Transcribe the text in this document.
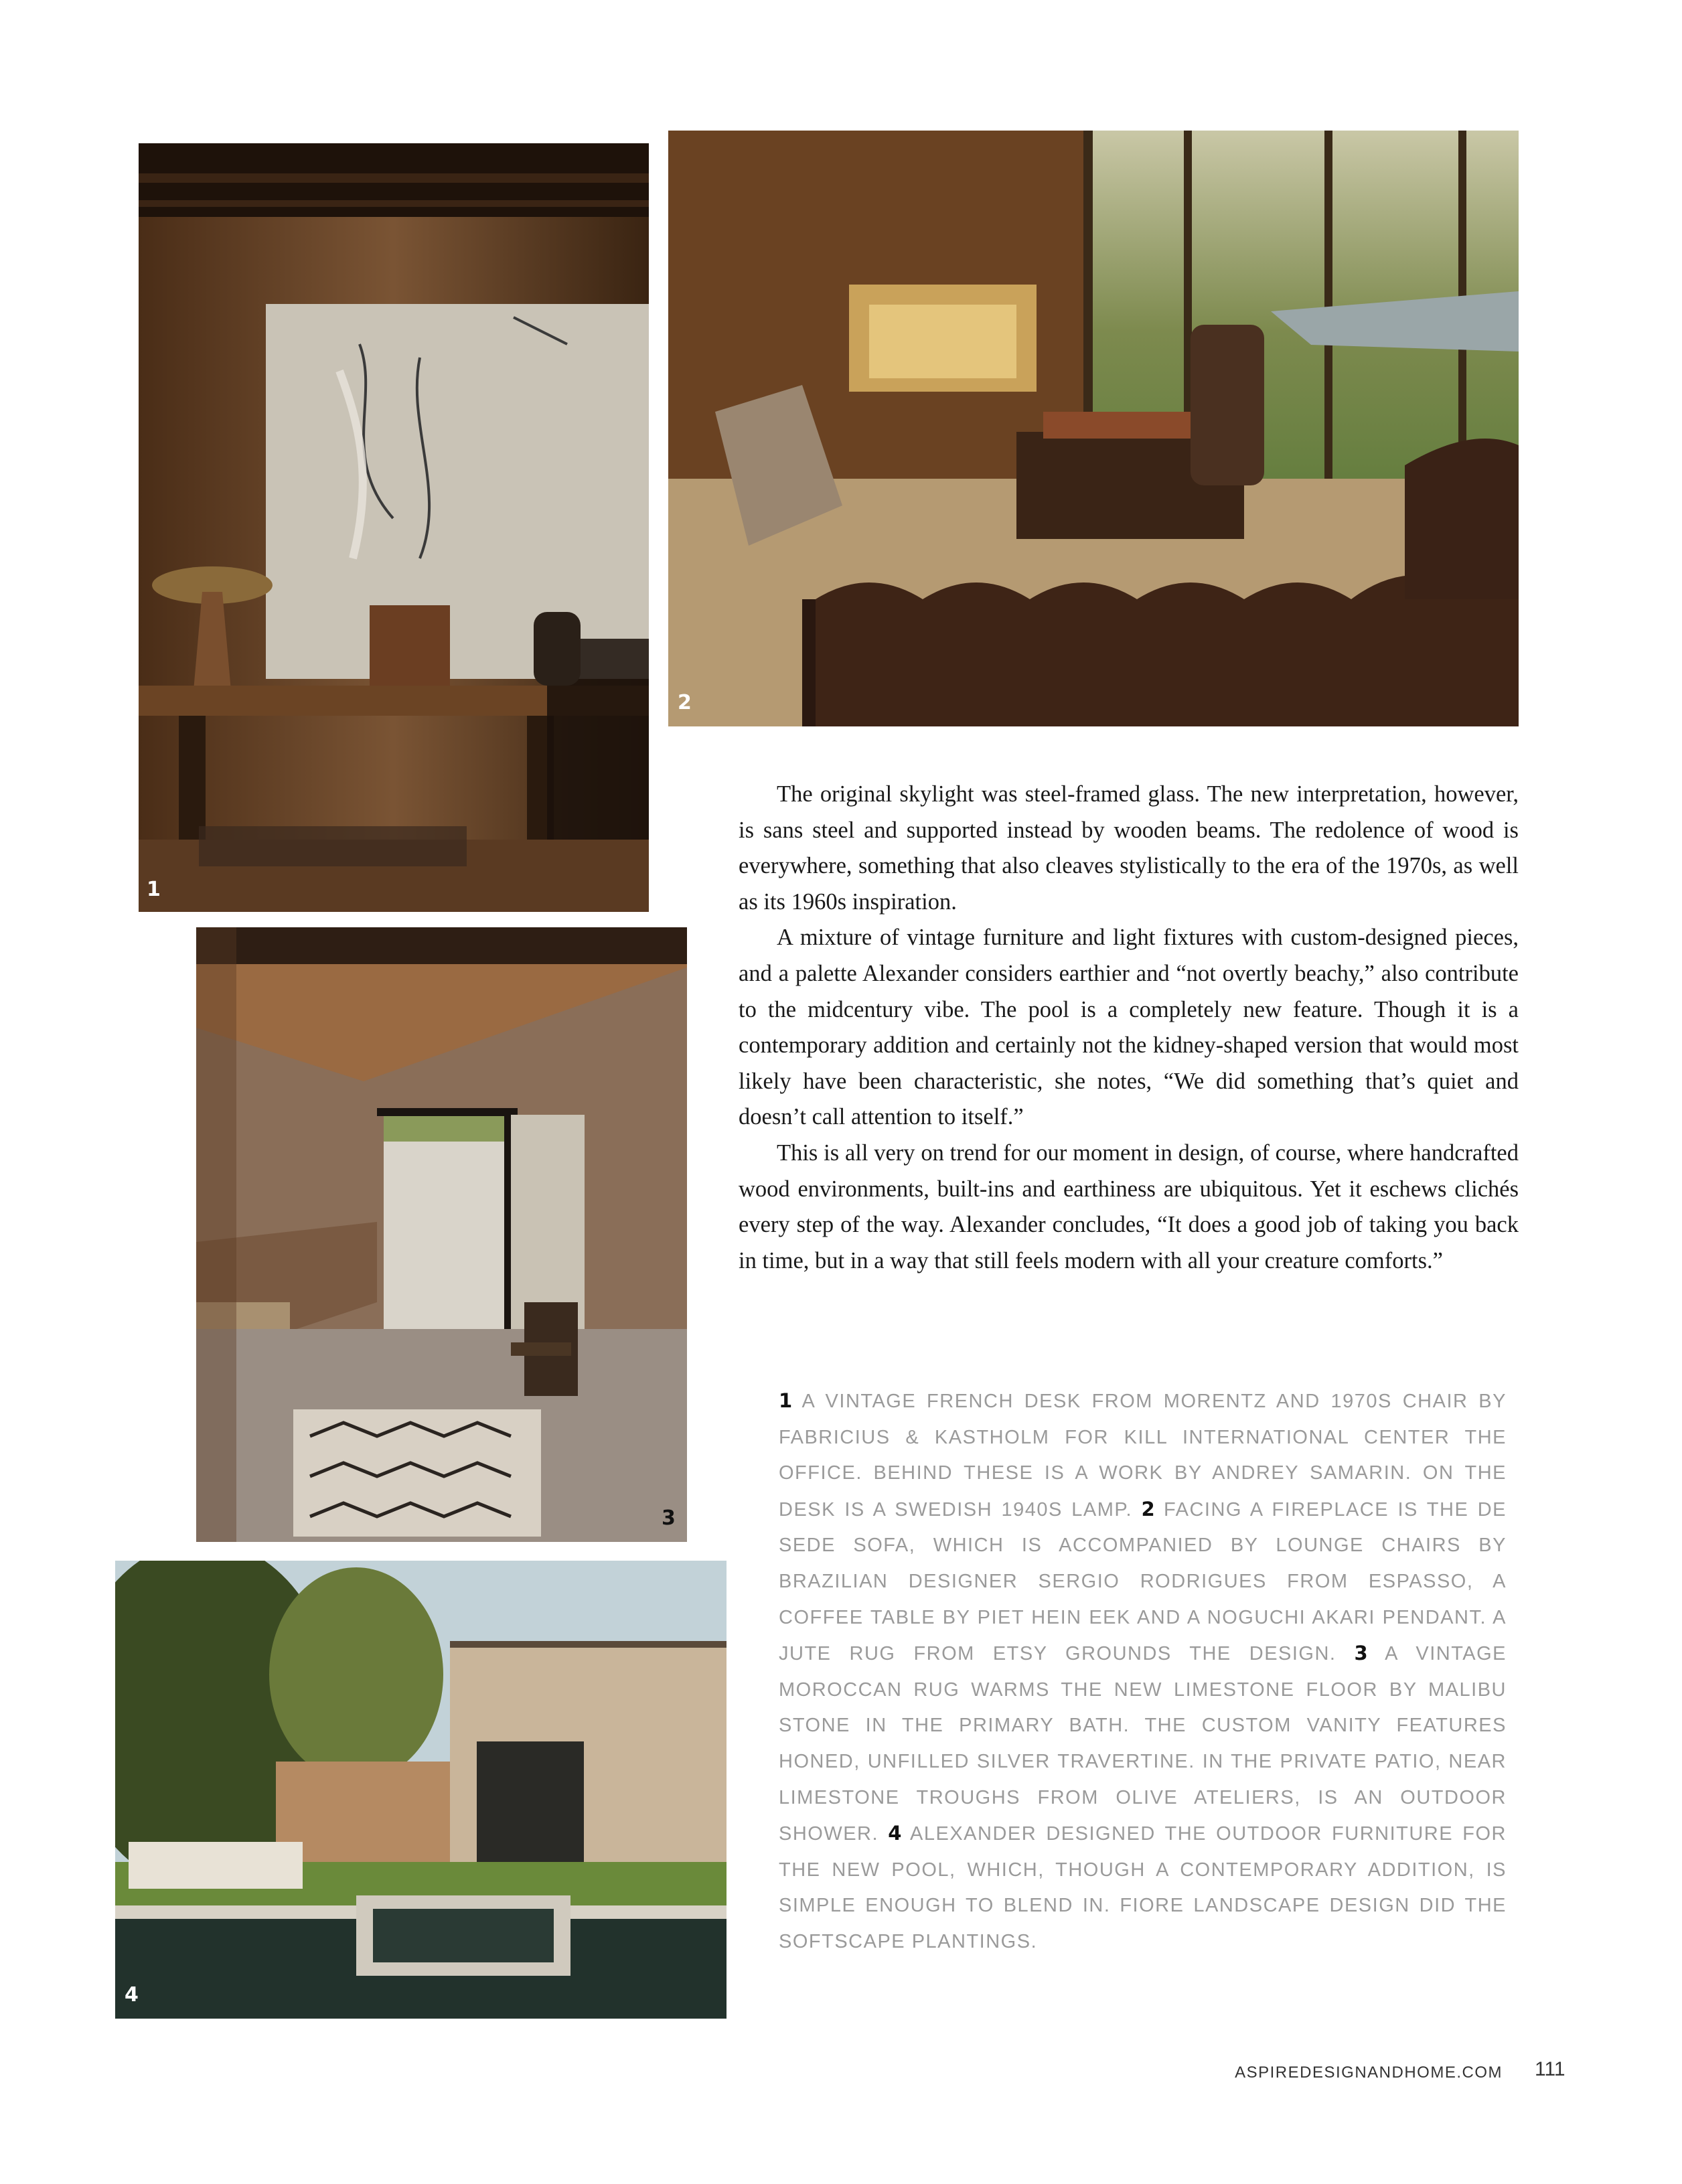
1
2
3
4

The original skylight was steel-framed glass. The new interpretation, however, is sans steel and supported instead by wooden beams. The redolence of wood is everywhere, something that also cleaves stylistically to the era of the 1970s, as well as its 1960s inspiration.

A mixture of vintage furniture and light fixtures with custom-designed pieces, and a palette Alexander considers earthier and “not overtly beachy,” also contribute to the midcentury vibe. The pool is a completely new feature. Though it is a contemporary addition and certainly not the kidney-shaped version that would most likely have been characteristic, she notes, “We did something that’s quiet and doesn’t call attention to itself.”

This is all very on trend for our moment in design, of course, where handcrafted wood environments, built-ins and earthiness are ubiquitous. Yet it eschews clichés every step of the way. Alexander concludes, “It does a good job of taking you back in time, but in a way that still feels modern with all your creature comforts.”

1 A VINTAGE FRENCH DESK FROM MORENTZ AND 1970S CHAIR BY FABRICIUS & KASTHOLM FOR KILL INTERNATIONAL CENTER THE OFFICE. BEHIND THESE IS A WORK BY ANDREY SAMARIN. ON THE DESK IS A SWEDISH 1940S LAMP. 2 FACING A FIREPLACE IS THE DE SEDE SOFA, WHICH IS ACCOMPANIED BY LOUNGE CHAIRS BY BRAZILIAN DESIGNER SERGIO RODRIGUES FROM ESPASSO, A COFFEE TABLE BY PIET HEIN EEK AND A NOGUCHI AKARI PENDANT. A JUTE RUG FROM ETSY GROUNDS THE DESIGN. 3 A VINTAGE MOROCCAN RUG WARMS THE NEW LIMESTONE FLOOR BY MALIBU STONE IN THE PRIMARY BATH. THE CUSTOM VANITY FEATURES HONED, UNFILLED SILVER TRAVERTINE. IN THE PRIVATE PATIO, NEAR LIMESTONE TROUGHS FROM OLIVE ATELIERS, IS AN OUTDOOR SHOWER. 4 ALEXANDER DESIGNED THE OUTDOOR FURNITURE FOR THE NEW POOL, WHICH, THOUGH A CONTEMPORARY ADDITION, IS SIMPLE ENOUGH TO BLEND IN. FIORE LANDSCAPE DESIGN DID THE SOFTSCAPE PLANTINGS.
ASPIREDESIGNANDHOME.COM 111
